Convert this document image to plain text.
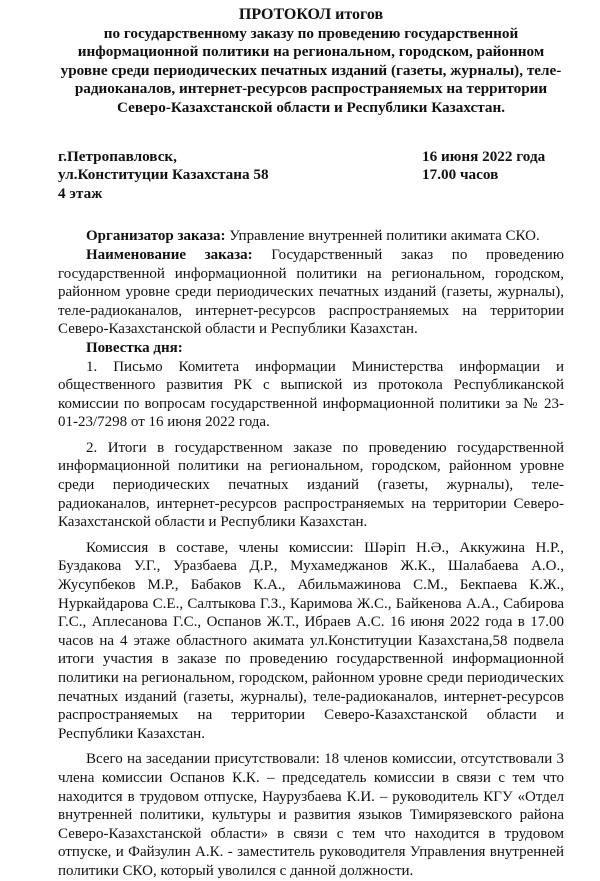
ПРОТОКОЛ итогов
по государственному заказу по проведению государственной
информационной политики на региональном, городском, районном
уровне среди периодических печатных изданий (газеты, журналы), теле-
радиоканалов, интернет-ресурсов распространяемых на территории
Северо-Казахстанской области и Республики Казахстан.
г.Петропавловск,
ул.Конституции Казахстана 58
4 этаж
16 июня 2022 года
17.00 часов

Организатор заказа: Управление внутренней политики акимата СКО.

Наименование заказа: Государственный заказ по проведению государственной информационной политики на региональном, городском, районном уровне среди периодических печатных изданий (газеты, журналы), теле-радиоканалов, интернет-ресурсов распространяемых на территории Северо-Казахстанской области и Республики Казахстан.

Повестка дня:

1. Письмо Комитета информации Министерства информации и общественного развития РК с выпиской из протокола Республиканской комиссии по вопросам государственной информационной политики за № 23-01-23/7298 от 16 июня 2022 года.

2. Итоги в государственном заказе по проведению государственной информационной политики на региональном, городском, районном уровне среди периодических печатных изданий (газеты, журналы), теле-радиоканалов, интернет-ресурсов распространяемых на территории Северо-Казахстанской области и Республики Казахстан.

Комиссия в составе, члены комиссии: Шәріп Н.Ә., Аккужина Н.Р., Буздакова У.Г., Уразбаева Д.Р., Мухамеджанов Ж.К., Шалабаева А.О., Жусупбеков М.Р., Бабаков К.А., Абильмажинова С.М., Бекпаева К.Ж., Нуркайдарова С.Е., Салтыкова Г.З., Каримова Ж.С., Байкенова А.А., Сабирова Г.С., Аплесанова Г.С., Оспанов Ж.Т., Ибраев А.С. 16 июня 2022 года в 17.00 часов на 4 этаже областного акимата ул.Конституции Казахстана,58 подвела итоги участия в заказе по проведению государственной информационной политики на региональном, городском, районном уровне среди периодических печатных изданий (газеты, журналы), теле-радиоканалов, интернет-ресурсов распространяемых на территории Северо-Казахстанской области и Республики Казахстан.

Всего на заседании присутствовали: 18 членов комиссии, отсутствовали 3 члена комиссии Оспанов К.К. – председатель комиссии в связи с тем что находится в трудовом отпуске, Наурузбаева К.И. – руководитель КГУ «Отдел внутренней политики, культуры и развития языков Тимирязевского района Северо-Казахстанской области» в связи с тем что находится в трудовом отпуске, и Файзулин А.К. - заместитель руководителя Управления внутренней политики СКО, который уволился с данной должности.
